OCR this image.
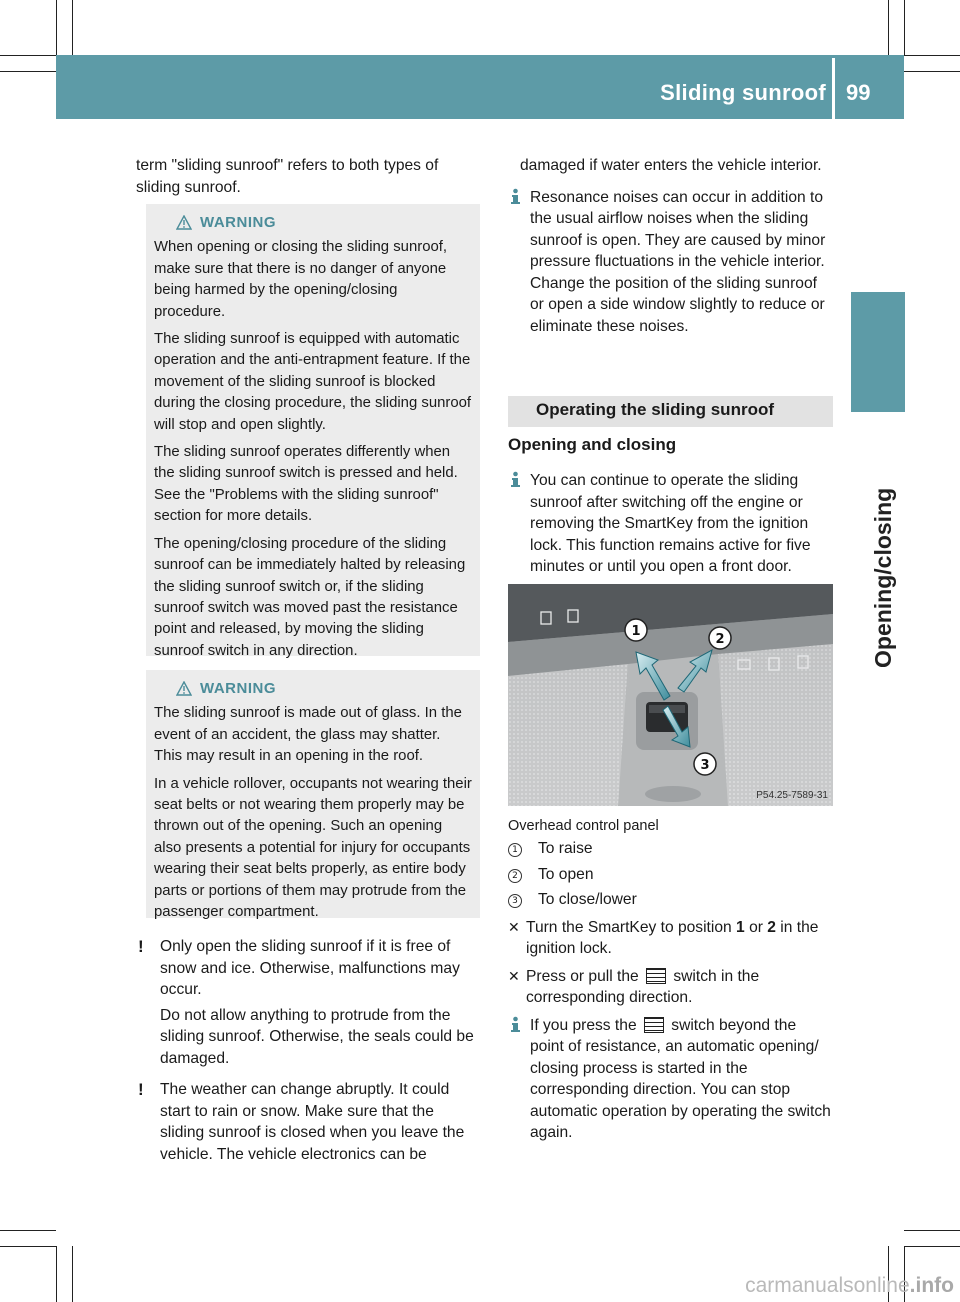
Sliding sunroof 99
Opening/closing

term "sliding sunroof" refers to both types of sliding sunroof.

WARNING

When opening or closing the sliding sunroof, make sure that there is no danger of anyone being harmed by the opening/closing procedure.

The sliding sunroof is equipped with automatic operation and the anti-entrapment feature. If the movement of the sliding sunroof is blocked during the closing procedure, the sliding sunroof will stop and open slightly.

The sliding sunroof operates differently when the sliding sunroof switch is pressed and held. See the "Problems with the sliding sunroof" section for more details.

The opening/closing procedure of the sliding sunroof can be immediately halted by releasing the sliding sunroof switch or, if the sliding sunroof switch was moved past the resistance point and released, by moving the sliding sunroof switch in any direction.

WARNING

The sliding sunroof is made out of glass. In the event of an accident, the glass may shatter. This may result in an opening in the roof.

In a vehicle rollover, occupants not wearing their seat belts or not wearing them properly may be thrown out of the opening. Such an opening also presents a potential for injury for occupants wearing their seat belts properly, as entire body parts or portions of them may protrude from the passenger compartment.

! Only open the sliding sunroof if it is free of snow and ice. Otherwise, malfunctions may occur.

Do not allow anything to protrude from the sliding sunroof. Otherwise, the seals could be damaged.

! The weather can change abruptly. It could start to rain or snow. Make sure that the sliding sunroof is closed when you leave the vehicle. The vehicle electronics can be

damaged if water enters the vehicle interior.

Resonance noises can occur in addition to the usual airflow noises when the sliding sunroof is open. They are caused by minor pressure fluctuations in the vehicle interior. Change the position of the sliding sunroof or open a side window slightly to reduce or eliminate these noises.

Operating the sliding sunroof
Opening and closing

You can continue to operate the sliding sunroof after switching off the engine or removing the SmartKey from the ignition lock. This function remains active for five minutes or until you open a front door.

1
2
3
P54.25-7589-31
Overhead control panel
1 To raise
2 To open
3 To close/lower
✕ Turn the SmartKey to position 1 or 2 in the ignition lock.
✕ Press or pull the  switch in the corresponding direction.
If you press the  switch beyond the point of resistance, an automatic opening/ closing process is started in the corresponding direction. You can stop automatic operation by operating the switch again.
carmanualsonline.info
